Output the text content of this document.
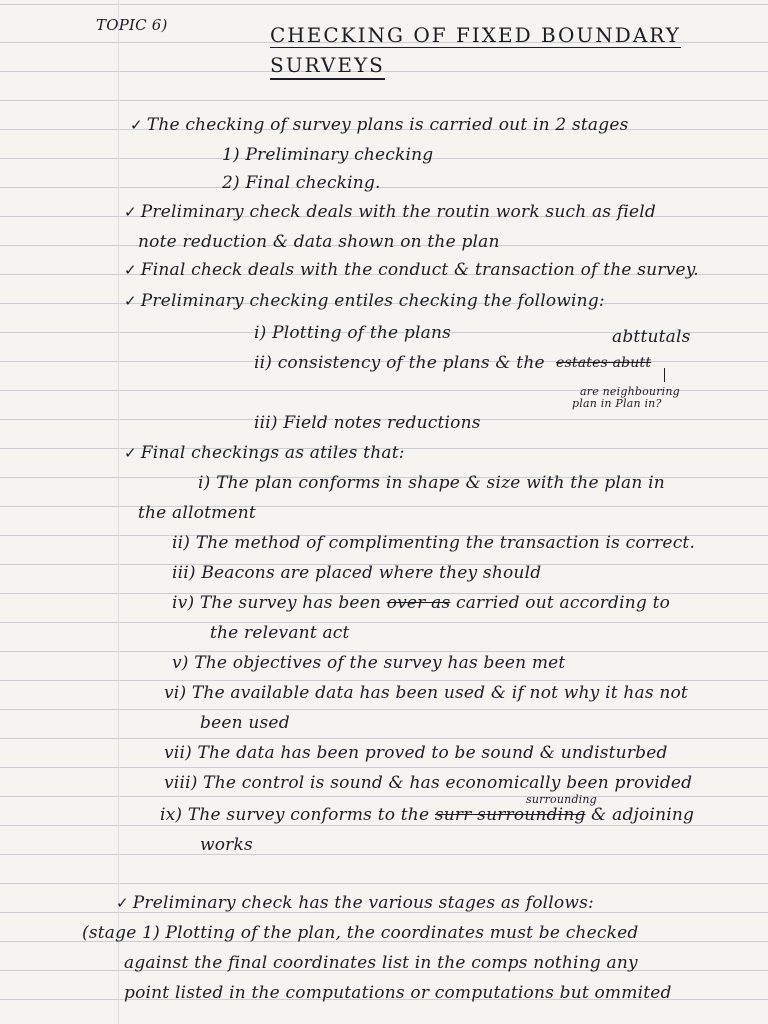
TOPIC 6)	CHECKING OF FIXED BOUNDARY
SURVEYS
✓ The checking of survey plans is carried out in 2 stages
1) Preliminary checking
2) Final checking.
✓ Preliminary check deals with the routin work such as field
note reduction & data shown on the plan
✓ Final check deals with the conduct & transaction of the survey.
✓ Preliminary checking entiles checking the following:
i) Plotting of the plans	abttutals
ii) consistency of the plans & the estates abutt
are neighbouring
plan in Plan in?
iii) Field notes reductions
✓ Final checkings as atiles that:
i) The plan conforms in shape & size with the plan in
the allotment
ii) The method of complimenting the transaction is correct.
iii) Beacons are placed where they should
iv) The survey has been over as carried out according to
the relevant act
v) The objectives of the survey has been met
vi) The available data has been used & if not why it has not
been used
vii) The data has been proved to be sound & undisturbed
viii) The control is sound & has economically been provided
surrounding
ix) The survey conforms to the surr surrounding & adjoining
works
✓ Preliminary check has the various stages as follows:
(stage 1) Plotting of the plan, the coordinates must be checked
against the final coordinates list in the comps nothing any
point listed in the computations or computations but ommited
